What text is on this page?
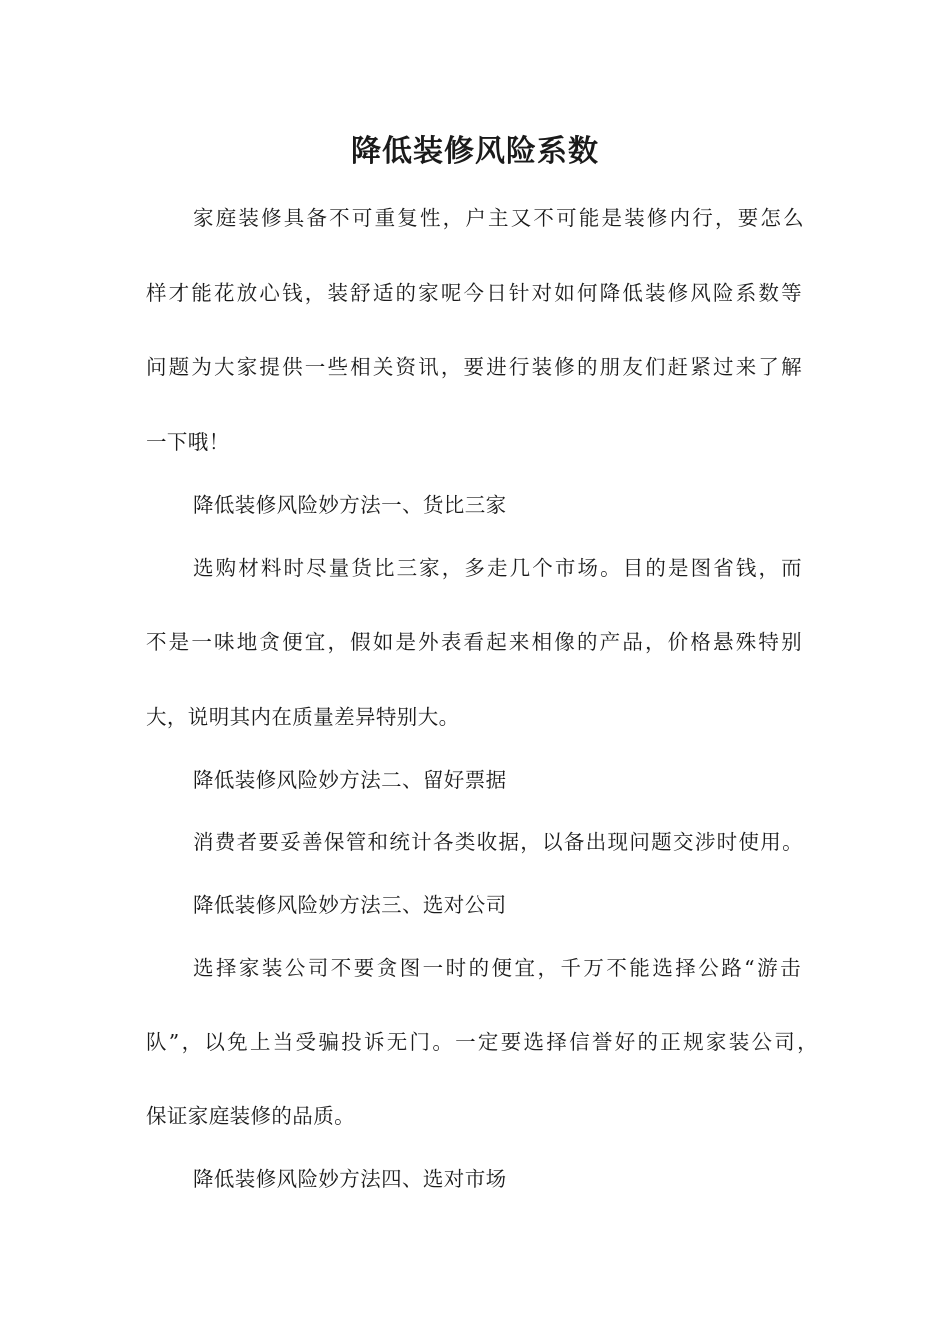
降低装修风险系数
家庭装修具备不可重复性，户主又不可能是装修内行，要怎么
样才能花放心钱，装舒适的家呢今日针对如何降低装修风险系数等
问题为大家提供一些相关资讯，要进行装修的朋友们赶紧过来了解
一下哦！
降低装修风险妙方法一、货比三家
选购材料时尽量货比三家，多走几个市场。目的是图省钱，而
不是一味地贪便宜，假如是外表看起来相像的产品，价格悬殊特别
大，说明其内在质量差异特别大。
降低装修风险妙方法二、留好票据
消费者要妥善保管和统计各类收据，以备出现问题交涉时使用。
降低装修风险妙方法三、选对公司
选择家装公司不要贪图一时的便宜，千万不能选择公路“游击
队”，以免上当受骗投诉无门。一定要选择信誉好的正规家装公司，
保证家庭装修的品质。
降低装修风险妙方法四、选对市场
